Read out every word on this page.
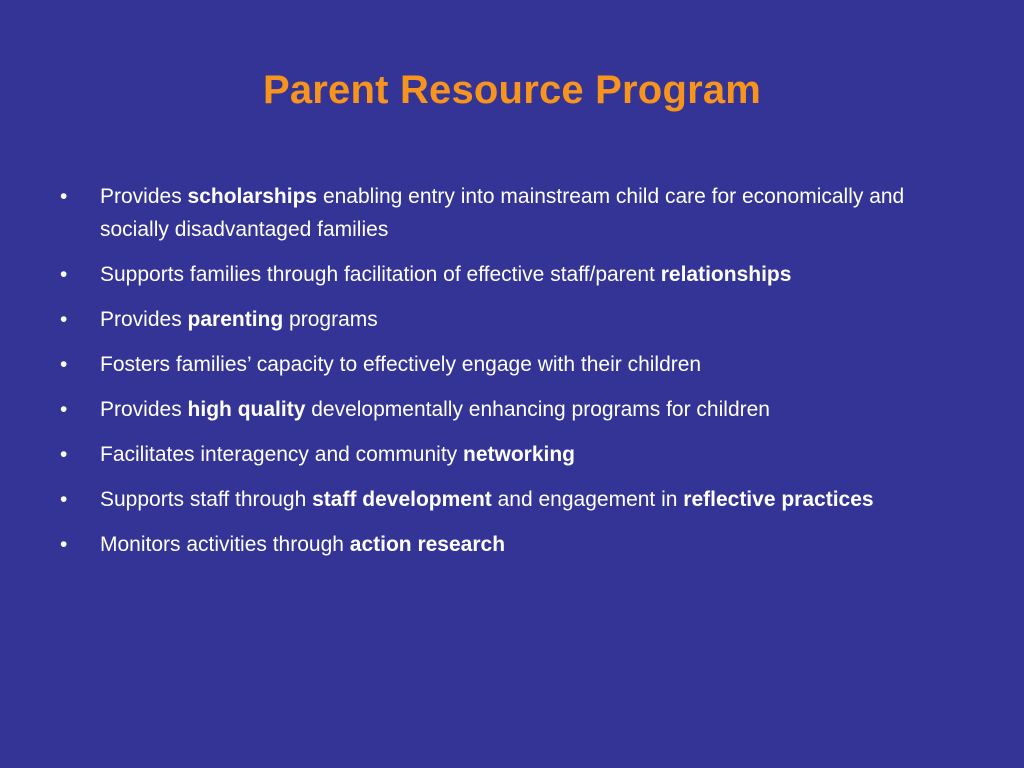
Parent Resource Program
•	Provides scholarships enabling entry into mainstream child care for economically and socially disadvantaged families
•	Supports families through facilitation of effective staff/parent relationships
•	Provides parenting programs
•	Fosters families’ capacity to effectively engage with their children
•	Provides high quality developmentally enhancing programs for children
•	Facilitates interagency and community networking
•	Supports staff through staff development and engagement in reflective practices
•	Monitors activities through action research
